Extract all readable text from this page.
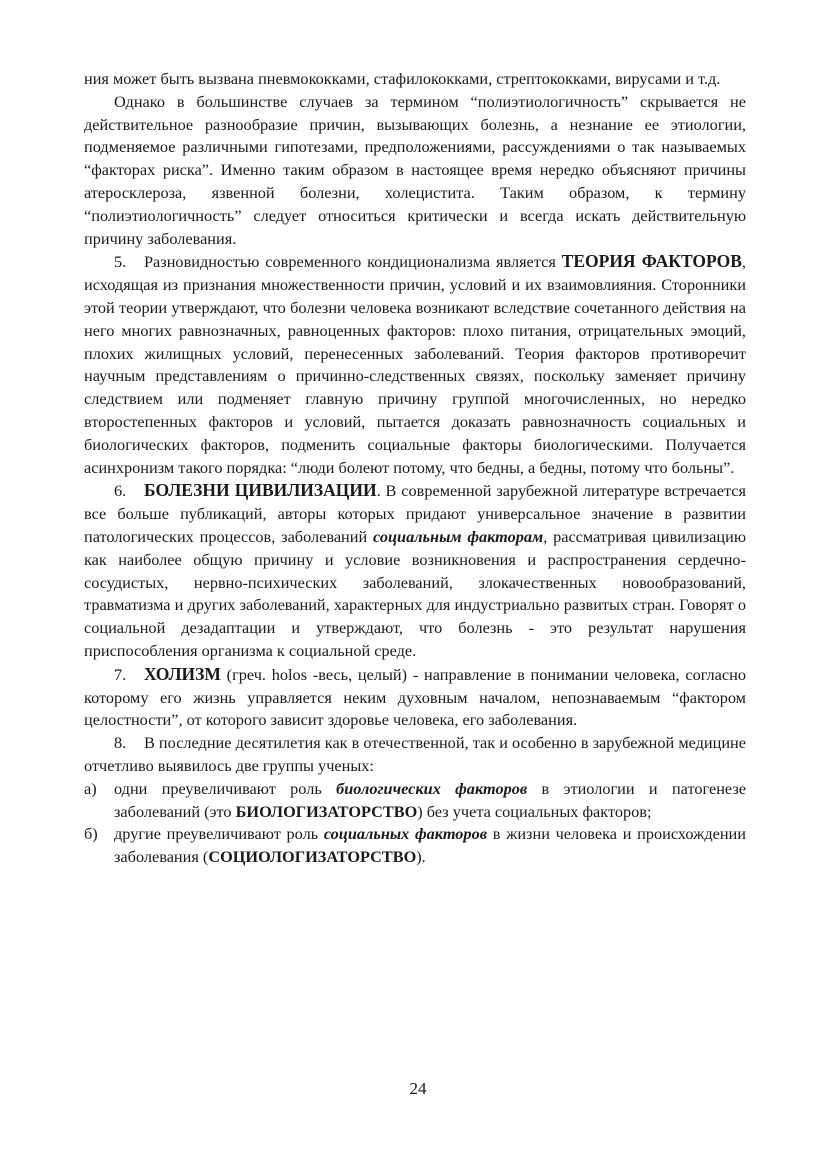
ния может быть вызвана пневмококками, стафилококками, стрептококками, вирусами и т.д.

Однако в большинстве случаев за термином “полиэтиологичность” скрывается не действительное разнообразие причин, вызывающих болезнь, а незнание ее этиологии, подменяемое различными гипотезами, предположениями, рассуждениями о так называемых “факторах риска”. Именно таким образом в настоящее время нередко объясняют причины атеросклероза, язвенной болезни, холецистита. Таким образом, к термину “полиэтиологичность” следует относиться критически и всегда искать действительную причину заболевания.

5. Разновидностью современного кондиционализма является ТЕОРИЯ ФАКТОРОВ, исходящая из признания множественности причин, условий и их взаимовлияния. Сторонники этой теории утверждают, что болезни человека возникают вследствие сочетанного действия на него многих равнозначных, равноценных факторов: плохо питания, отрицательных эмоций, плохих жилищных условий, перенесенных заболеваний. Теория факторов противоречит научным представлениям о причинно-следственных связях, поскольку заменяет причину следствием или подменяет главную причину группой многочисленных, но нередко второстепенных факторов и условий, пытается доказать равнозначность социальных и биологических факторов, подменить социальные факторы биологическими. Получается асинхронизм такого порядка: “люди болеют потому, что бедны, а бедны, потому что больны”.

6. БОЛЕЗНИ ЦИВИЛИЗАЦИИ. В современной зарубежной литературе встречается все больше публикаций, авторы которых придают универсальное значение в развитии патологических процессов, заболеваний социальным факторам, рассматривая цивилизацию как наиболее общую причину и условие возникновения и распространения сердечно-сосудистых, нервно-психических заболеваний, злокачественных новообразований, травматизма и других заболеваний, характерных для индустриально развитых стран. Говорят о социальной дезадаптации и утверждают, что болезнь - это результат нарушения приспособления организма к социальной среде.

7. ХОЛИЗМ (греч. holos -весь, целый) - направление в понимании человека, согласно которому его жизнь управляется неким духовным началом, непознаваемым “фактором целостности”, от которого зависит здоровье человека, его заболевания.

8. В последние десятилетия как в отечественной, так и особенно в зарубежной медицине отчетливо выявилось две группы ученых:

а)	одни преувеличивают роль биологических факторов в этиологии и патогенезе заболеваний (это БИОЛОГИЗАТОРСТВО) без учета социальных факторов;
б) другие преувеличивают роль социальных факторов в жизни человека и происхождении заболевания (СОЦИОЛОГИЗАТОРСТВО).
24
